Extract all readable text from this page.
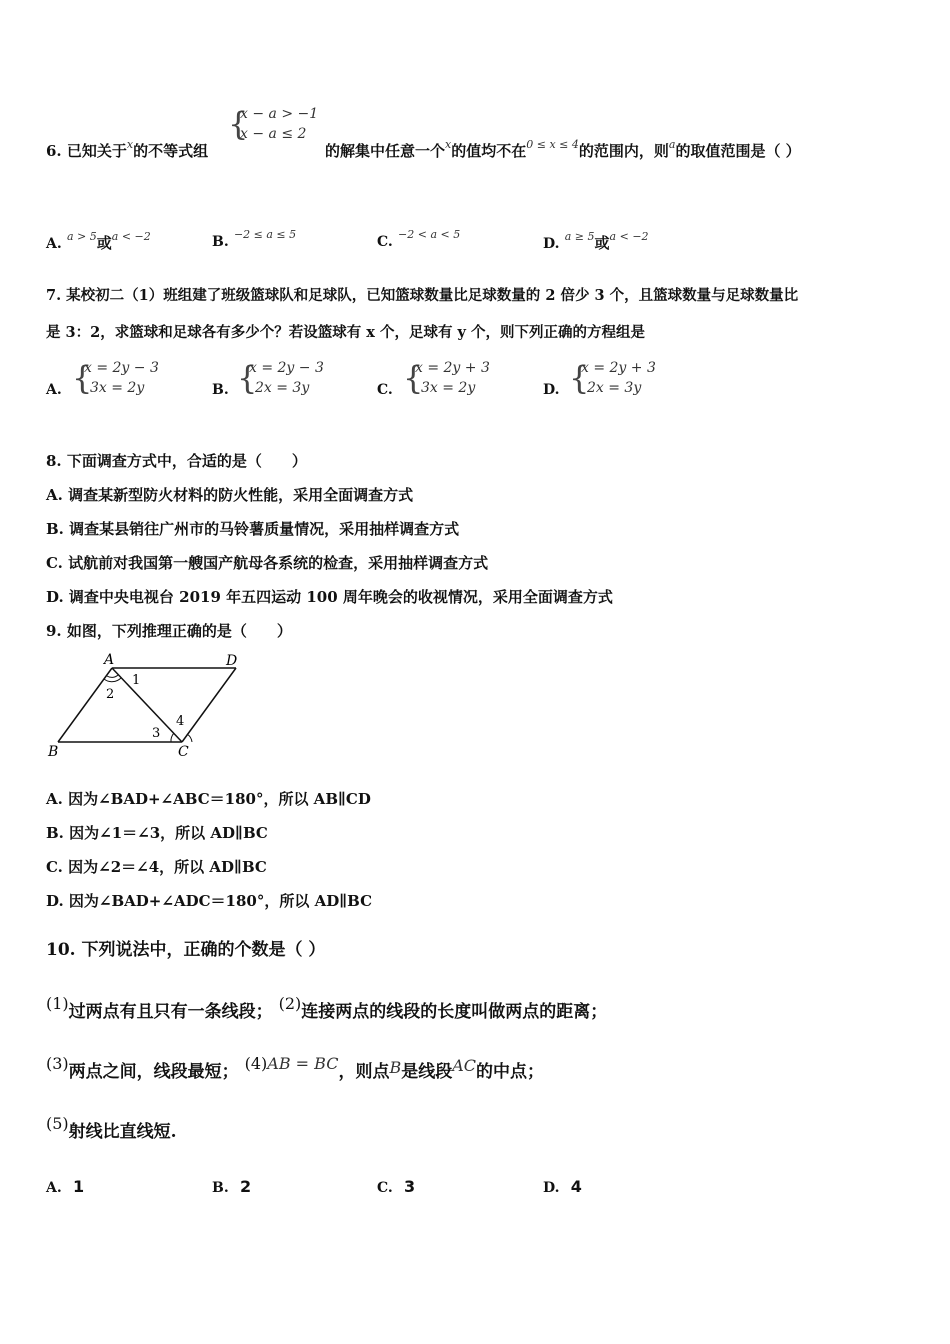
6. 已知关于$^x$的不等式组
{
x − a > −1
x − a ≤ 2
的解集中任意一个$^x$的值均不在$^{0 \le x \le 4}$的范围内，则$^a$的取值范围是（ ）
A. $^{a > 5}$或$^{a < -2}$	B. $^{-2 \le a \le 5}$	C. $^{-2 < a < 5}$
D. $^{a \ge 5}$或$^{a < -2}$
7. 某校初二（1）班组建了班级篮球队和足球队，已知篮球数量比足球数量的 2 倍少 3 个，且篮球数量与足球数量比
是 3：2，求篮球和足球各有多少个？若设篮球有 x 个，足球有 y 个，则下列正确的方程组是
A. {
x = 2y − 3
3x = 2y	B. {
x = 2y − 3
2x = 3y	C. {
x = 2y + 3
3x = 2y	D. {
x = 2y + 3
2x = 3y
8. 下面调查方式中，合适的是（　　）
A. 调查某新型防火材料的防火性能，采用全面调查方式
B. 调查某县销往广州市的马铃薯质量情况，采用抽样调查方式
C. 试航前对我国第一艘国产航母各系统的检查，采用抽样调查方式
D. 调查中央电视台 2019 年五四运动 100 周年晚会的收视情况，采用全面调查方式
9. 如图，下列推理正确的是（　　）
A	D
B	C
1
2
3
4
A. 因为∠BAD+∠ABC＝180°，所以 AB∥CD
B. 因为∠1＝∠3，所以 AD∥BC
C. 因为∠2＝∠4，所以 AD∥BC
D. 因为∠BAD+∠ADC＝180°，所以 AD∥BC
10. 下列说法中，正确的个数是（ ）
(1)过两点有且只有一条线段； (2)连接两点的线段的长度叫做两点的距离；
(3)两点之间，线段最短； (4)AB = BC，则点B是线段AC的中点；
(5)射线比直线短.
A. 1	B. 2	C. 3	D. 4
